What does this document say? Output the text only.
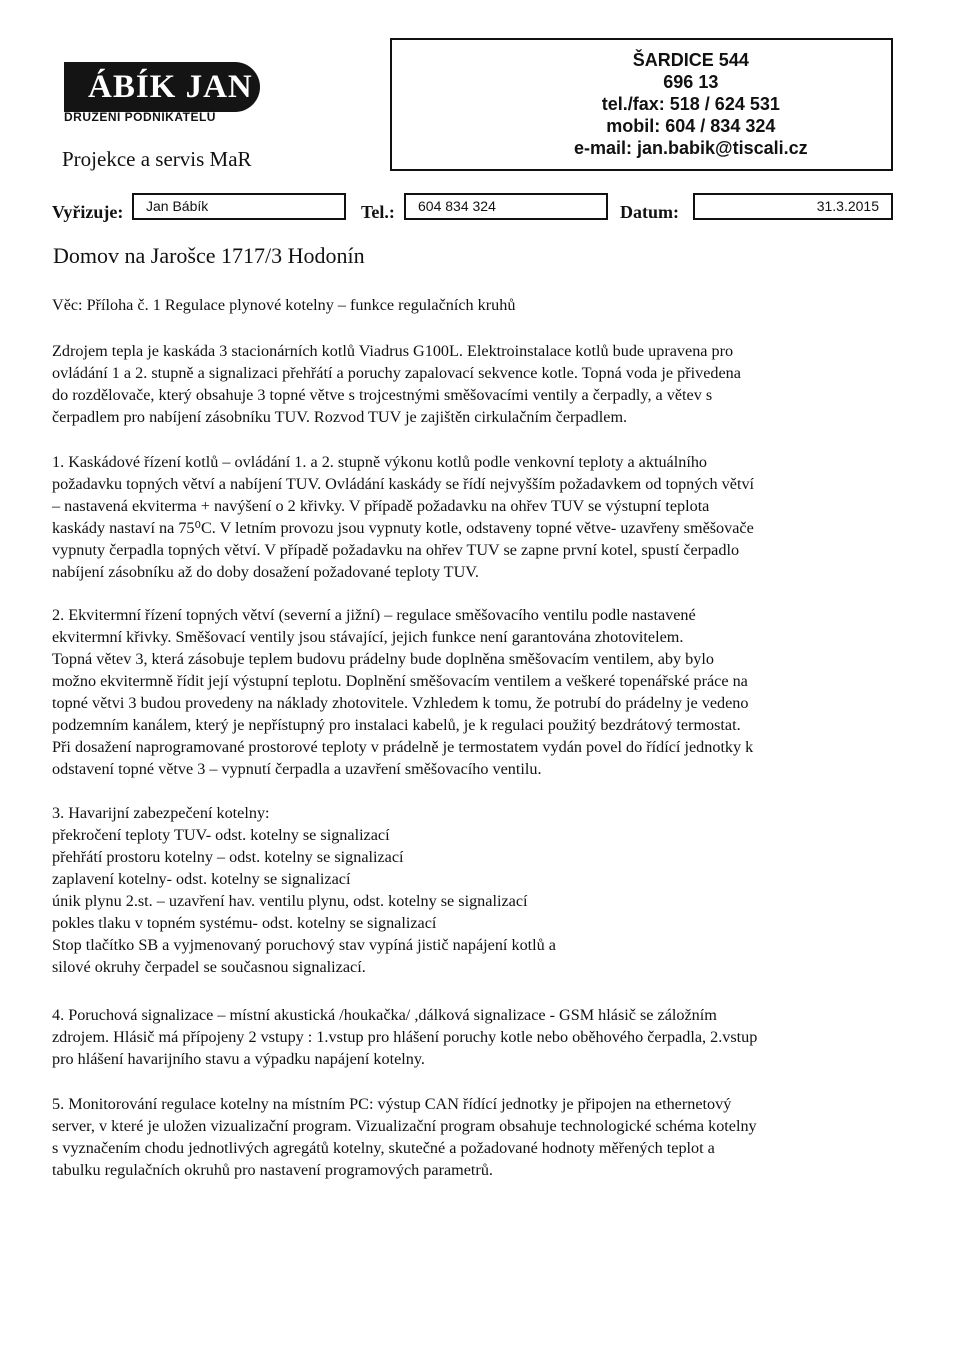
ÁBÍK JAN
DRUŽENÍ PODNIKATELŮ
Projekce a servis MaR
ŠARDICE 544
696 13
tel./fax: 518 / 624 531
mobil: 604 / 834 324
e-mail: jan.babik@tiscali.cz
Vyřizuje:	Jan Bábík	Tel.:	604 834 324	Datum:	31.3.2015
Domov na Jarošce 1717/3 Hodonín
Věc: Příloha č. 1 Regulace plynové kotelny – funkce regulačních kruhů
Zdrojem tepla je kaskáda 3 stacionárních kotlů Viadrus G100L. Elektroinstalace kotlů bude upravena pro
ovládání 1 a 2. stupně a signalizaci přehřátí a poruchy zapalovací sekvence kotle. Topná voda je přivedena
do rozdělovače, který obsahuje 3 topné větve s trojcestnými směšovacími ventily a čerpadly, a větev s
čerpadlem pro nabíjení zásobníku TUV. Rozvod TUV je zajištěn cirkulačním čerpadlem.
1. Kaskádové řízení kotlů – ovládání 1. a 2. stupně výkonu kotlů podle venkovní teploty a aktuálního
požadavku topných větví a nabíjení TUV. Ovládání kaskády se řídí nejvyšším požadavkem od topných větví
– nastavená ekviterma + navýšení o 2 křivky. V případě požadavku na ohřev TUV se výstupní teplota
kaskády nastaví na 75⁰C. V letním provozu jsou vypnuty kotle, odstaveny topné větve- uzavřeny směšovače
vypnuty čerpadla topných větví. V případě požadavku na ohřev TUV se zapne první kotel, spustí čerpadlo
nabíjení zásobníku až do doby dosažení požadované teploty TUV.
2. Ekvitermní řízení topných větví (severní a jižní) – regulace směšovacího ventilu podle nastavené
ekvitermní křivky. Směšovací ventily jsou stávající, jejich funkce není garantována zhotovitelem.
Topná větev 3, která zásobuje teplem budovu prádelny bude doplněna směšovacím ventilem, aby bylo
možno ekvitermně řídit její výstupní teplotu. Doplnění směšovacím ventilem a veškeré topenářské práce na
topné větvi 3 budou provedeny na náklady zhotovitele. Vzhledem k tomu, že potrubí do prádelny je vedeno
podzemním kanálem, který je nepřístupný pro instalaci kabelů, je k regulaci použitý bezdrátový termostat.
Při dosažení naprogramované prostorové teploty v prádelně je termostatem vydán povel do řídící jednotky k
odstavení topné větve 3 – vypnutí čerpadla a uzavření směšovacího ventilu.
3. Havarijní zabezpečení kotelny:
překročení teploty TUV- odst. kotelny se signalizací
přehřátí prostoru kotelny – odst. kotelny se signalizací
zaplavení kotelny- odst. kotelny se signalizací
únik plynu 2.st. – uzavření hav. ventilu plynu, odst. kotelny se signalizací
pokles tlaku v topném systému- odst. kotelny se signalizací
Stop tlačítko SB a vyjmenovaný poruchový stav vypíná jistič napájení kotlů a
silové okruhy čerpadel se současnou signalizací.
4. Poruchová signalizace – místní akustická /houkačka/ ,dálková signalizace - GSM hlásič se záložním
zdrojem. Hlásič má přípojeny 2 vstupy : 1.vstup pro hlášení poruchy kotle nebo oběhového čerpadla, 2.vstup
pro hlášení havarijního stavu a výpadku napájení kotelny.
5. Monitorování regulace kotelny na místním PC: výstup CAN řídící jednotky je připojen na ethernetový
server, v které je uložen vizualizační program. Vizualizační program obsahuje technologické schéma kotelny
s vyznačením chodu jednotlivých agregátů kotelny, skutečné a požadované hodnoty měřených teplot a
tabulku regulačních okruhů pro nastavení programových parametrů.
